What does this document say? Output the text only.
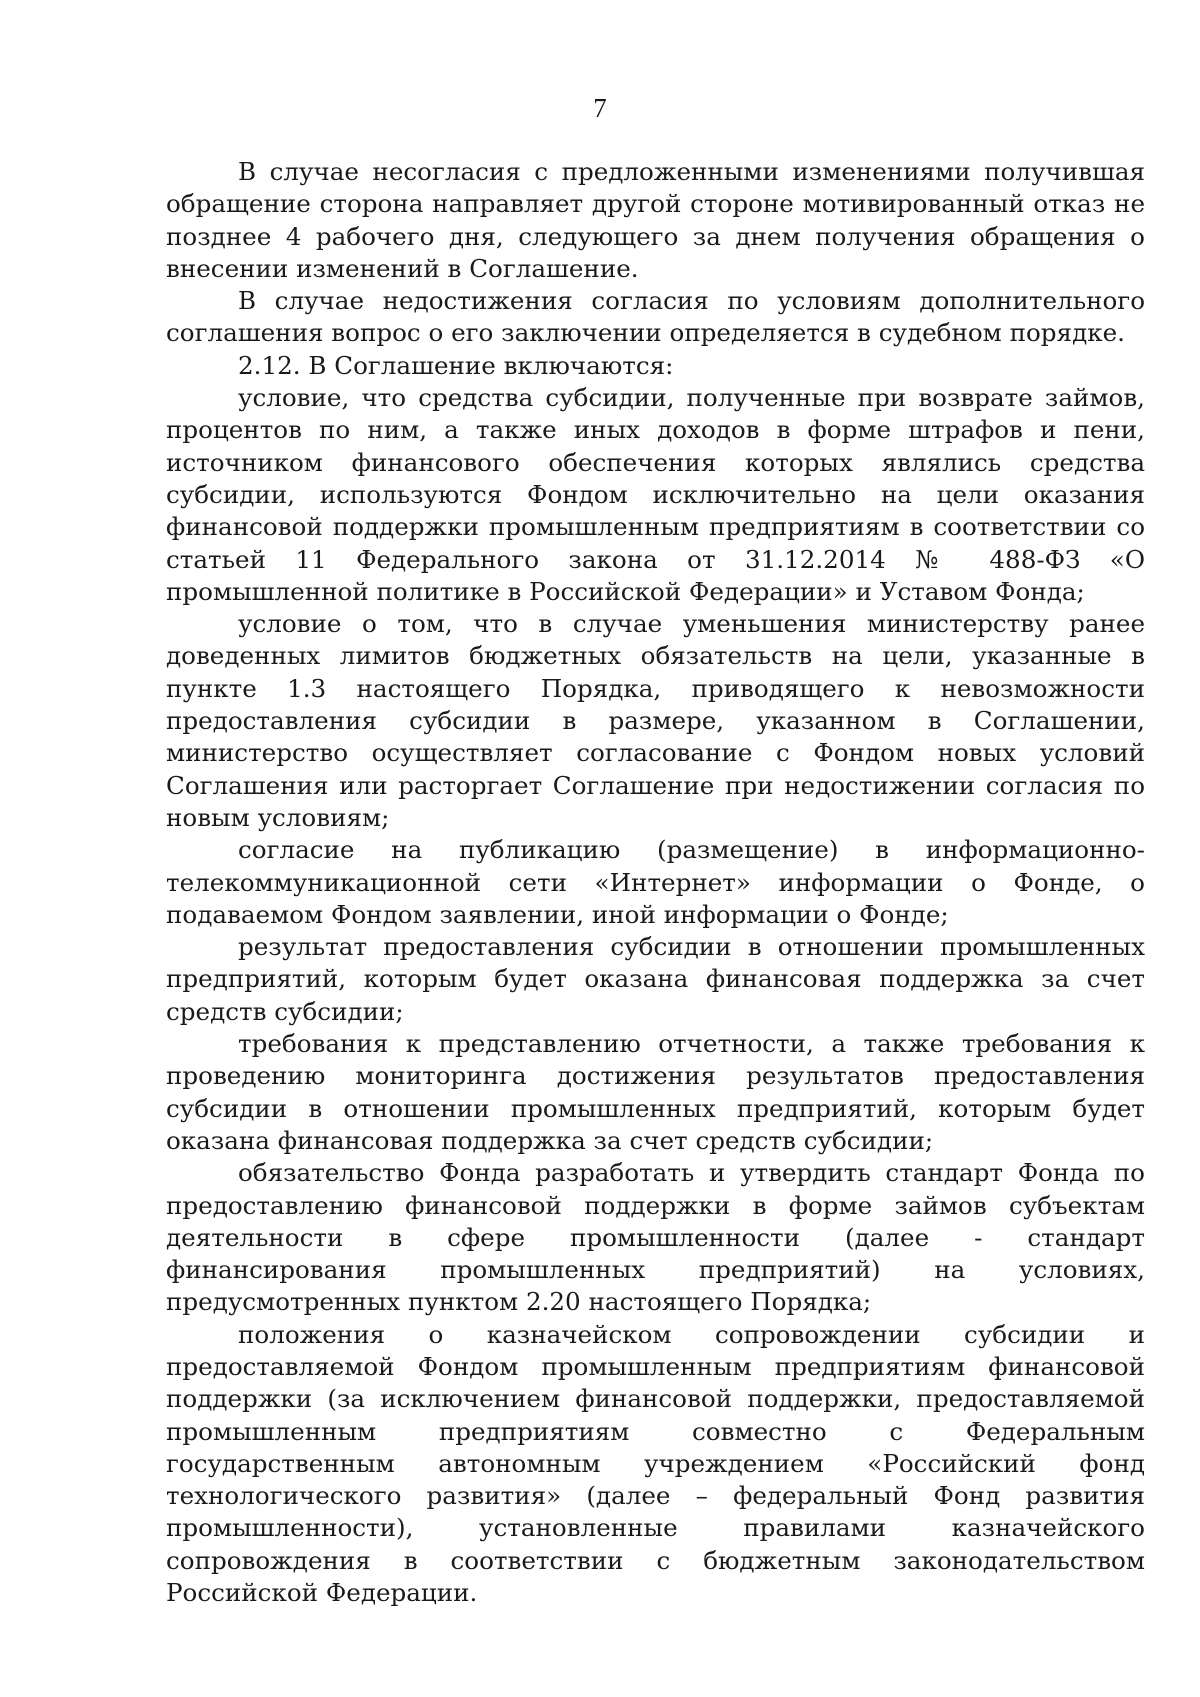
7

В случае несогласия с предложенными изменениями получившая обращение сторона направляет другой стороне мотивированный отказ не позднее 4 рабочего дня, следующего за днем получения обращения о внесении изменений в Соглашение.

В случае недостижения согласия по условиям дополнительного соглашения вопрос о его заключении определяется в судебном порядке.

2.12. В Соглашение включаются:

условие, что средства субсидии, полученные при возврате займов, процентов по ним, а также иных доходов в форме штрафов и пени, источником финансового обеспечения которых являлись средства субсидии, используются Фондом исключительно на цели оказания финансовой поддержки промышленным предприятиям в соответствии со статьей 11 Федерального закона от 31.12.2014 № 488-ФЗ «О промышленной политике в Российской Федерации» и Уставом Фонда;

условие о том, что в случае уменьшения министерству ранее доведенных лимитов бюджетных обязательств на цели, указанные в пункте 1.3 настоящего Порядка, приводящего к невозможности предоставления субсидии в размере, указанном в Соглашении, министерство осуществляет согласование с Фондом новых условий Соглашения или расторгает Соглашение при недостижении согласия по новым условиям;

согласие на публикацию (размещение) в информационно-телекоммуникационной сети «Интернет» информации о Фонде, о подаваемом Фондом заявлении, иной информации о Фонде;

результат предоставления субсидии в отношении промышленных предприятий, которым будет оказана финансовая поддержка за счет средств субсидии;

требования к представлению отчетности, а также требования к проведению мониторинга достижения результатов предоставления субсидии в отношении промышленных предприятий, которым будет оказана финансовая поддержка за счет средств субсидии;

обязательство Фонда разработать и утвердить стандарт Фонда по предоставлению финансовой поддержки в форме займов субъектам деятельности в сфере промышленности (далее - стандарт финансирования промышленных предприятий) на условиях, предусмотренных пунктом 2.20 настоящего Порядка;

положения о казначейском сопровождении субсидии и предоставляемой Фондом промышленным предприятиям финансовой поддержки (за исключением финансовой поддержки, предоставляемой промышленным предприятиям совместно с Федеральным государственным автономным учреждением «Российский фонд технологического развития» (далее – федеральный Фонд развития промышленности), установленные правилами казначейского сопровождения в соответствии с бюджетным законодательством Российской Федерации.
